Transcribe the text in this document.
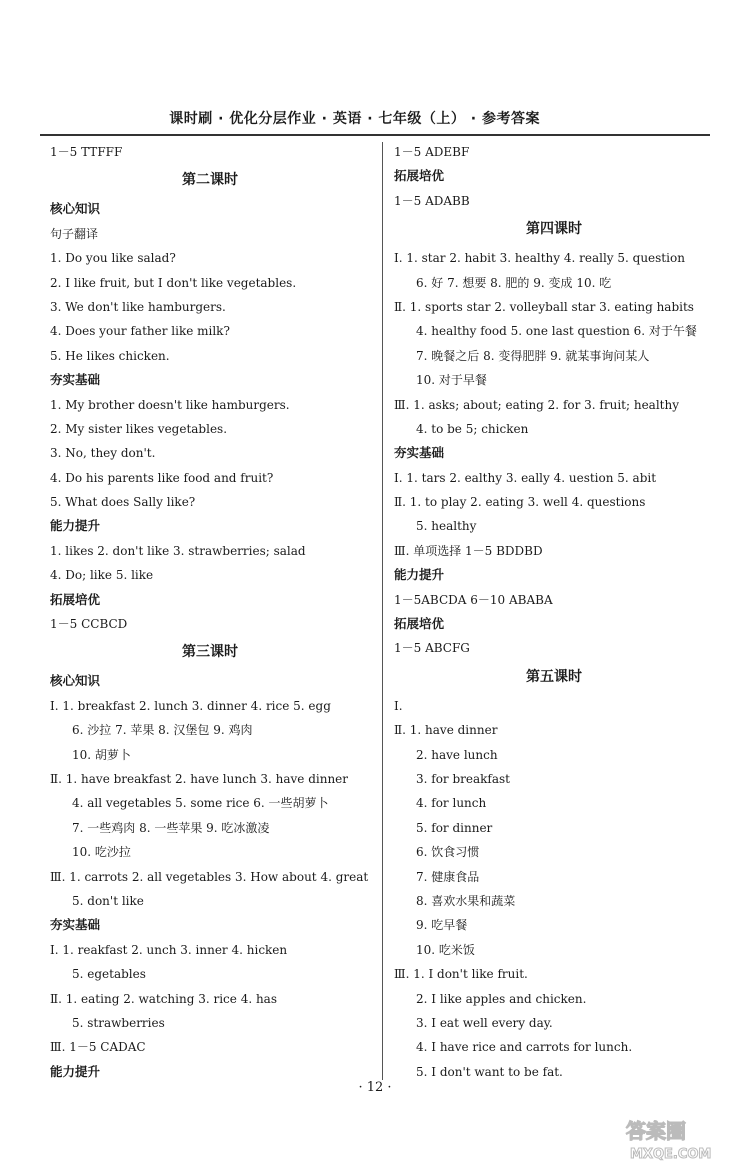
课时刷 · 优化分层作业 · 英语 · 七年级（上） · 参考答案
1－5 TTFFF
第二课时
核心知识
句子翻译
1. Do you like salad?
2. I like fruit, but I don't like vegetables.
3. We don't like hamburgers.
4. Does your father like milk?
5. He likes chicken.
夯实基础
1. My brother doesn't like hamburgers.
2. My sister likes vegetables.
3. No, they don't.
4. Do his parents like food and fruit?
5. What does Sally like?
能力提升
1. likes 2. don't like 3. strawberries; salad
4. Do; like 5. like
拓展培优
1－5 CCBCD
第三课时
核心知识
Ⅰ. 1. breakfast 2. lunch 3. dinner 4. rice 5. egg
6. 沙拉 7. 苹果 8. 汉堡包 9. 鸡肉
10. 胡萝卜
Ⅱ. 1. have breakfast 2. have lunch 3. have dinner
4. all vegetables 5. some rice 6. 一些胡萝卜
7. 一些鸡肉 8. 一些苹果 9. 吃冰激凌
10. 吃沙拉
Ⅲ. 1. carrots 2. all vegetables 3. How about 4. great
5. don't like
夯实基础
Ⅰ. 1. reakfast 2. unch 3. inner 4. hicken
5. egetables
Ⅱ. 1. eating 2. watching 3. rice 4. has
5. strawberries
Ⅲ. 1－5 CADAC
能力提升
1－5 ADEBF
拓展培优
1－5 ADABB
第四课时
Ⅰ. 1. star 2. habit 3. healthy 4. really 5. question
6. 好 7. 想要 8. 肥的 9. 变成 10. 吃
Ⅱ. 1. sports star 2. volleyball star 3. eating habits
4. healthy food 5. one last question 6. 对于午餐
7. 晚餐之后 8. 变得肥胖 9. 就某事询问某人
10. 对于早餐
Ⅲ. 1. asks; about; eating 2. for 3. fruit; healthy
4. to be 5; chicken
夯实基础
Ⅰ. 1. tars 2. ealthy 3. eally 4. uestion 5. abit
Ⅱ. 1. to play 2. eating 3. well 4. questions
5. healthy
Ⅲ. 单项选择 1－5 BDDBD
能力提升
1－5ABCDA 6－10 ABABA
拓展培优
1－5 ABCFG
第五课时
Ⅰ.
Ⅱ. 1. have dinner
2. have lunch
3. for breakfast
4. for lunch
5. for dinner
6. 饮食习惯
7. 健康食品
8. 喜欢水果和蔬菜
9. 吃早餐
10. 吃米饭
Ⅲ. 1. I don't like fruit.
2. I like apples and chicken.
3. I eat well every day.
4. I have rice and carrots for lunch.
5. I don't want to be fat.
· 12 ·
答案圈
MXQE.COM
